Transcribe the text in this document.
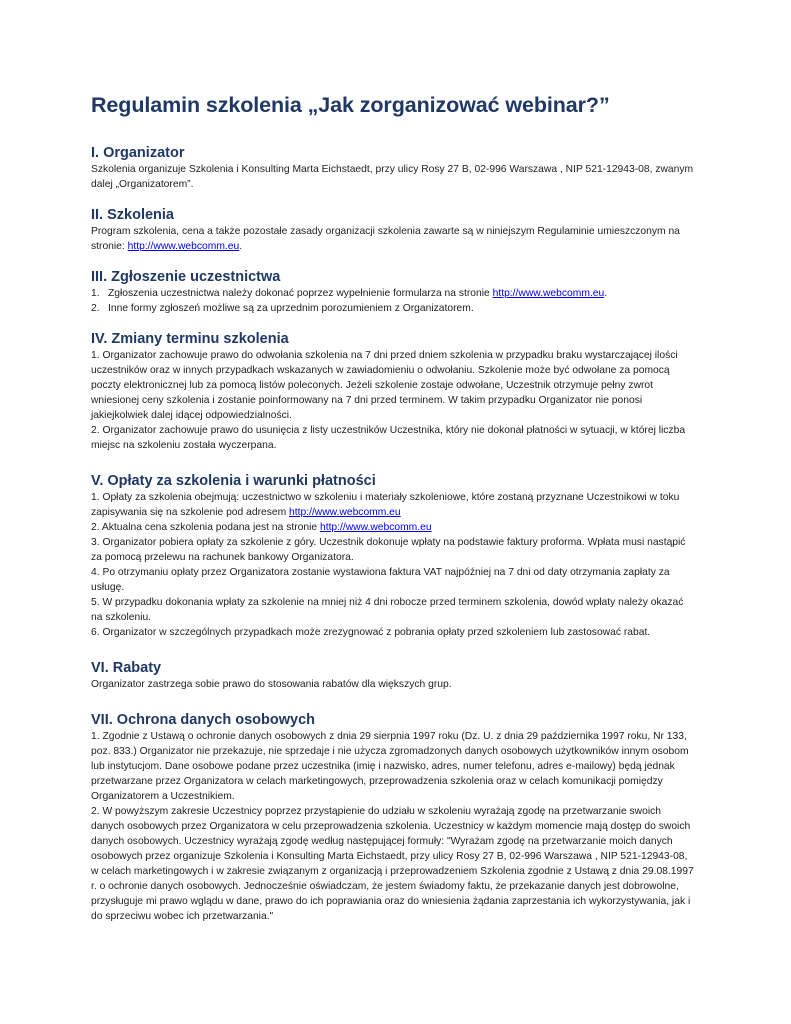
Regulamin szkolenia „Jak zorganizować webinar?”
I. Organizator

Szkolenia organizuje Szkolenia i Konsulting Marta Eichstaedt, przy ulicy Rosy 27 B, 02-996 Warszawa , NIP 521-12943-08, zwanym dalej „Organizatorem”.

II. Szkolenia

Program szkolenia, cena a także pozostałe zasady organizacji szkolenia zawarte są w niniejszym Regulaminie umieszczonym na stronie: http://www.webcomm.eu.

III. Zgłoszenie uczestnictwa

1. Zgłoszenia uczestnictwa należy dokonać poprzez wypełnienie formularza na stronie http://www.webcomm.eu.

2. Inne formy zgłoszeń możliwe są za uprzednim porozumieniem z Organizatorem.

IV. Zmiany terminu szkolenia

1. Organizator zachowuje prawo do odwołania szkolenia na 7 dni przed dniem szkolenia w przypadku braku wystarczającej ilości uczestników oraz w innych przypadkach wskazanych w zawiadomieniu o odwołaniu. Szkolenie może być odwołane za pomocą poczty elektronicznej lub za pomocą listów poleconych. Jeżeli szkolenie zostaje odwołane, Uczestnik otrzymuje pełny zwrot wniesionej ceny szkolenia i zostanie poinformowany na 7 dni przed terminem. W takim przypadku Organizator nie ponosi jakiejkolwiek dalej idącej odpowiedzialności.

2. Organizator zachowuje prawo do usunięcia z listy uczestników Uczestnika, który nie dokonał płatności w sytuacji, w której liczba miejsc na szkoleniu została wyczerpana.

V. Opłaty za szkolenia i warunki płatności

1. Opłaty za szkolenia obejmują: uczestnictwo w szkoleniu i materiały szkoleniowe, które zostaną przyznane Uczestnikowi w toku zapisywania się na szkolenie pod adresem http://www.webcomm.eu

2. Aktualna cena szkolenia podana jest na stronie http://www.webcomm.eu

3. Organizator pobiera opłaty za szkolenie z góry. Uczestnik dokonuje wpłaty na podstawie faktury proforma. Wpłata musi nastąpić za pomocą przelewu na rachunek bankowy Organizatora.

4. Po otrzymaniu opłaty przez Organizatora zostanie wystawiona faktura VAT najpóźniej na 7 dni od daty otrzymania zapłaty za usługę.

5. W przypadku dokonania wpłaty za szkolenie na mniej niż 4 dni robocze przed terminem szkolenia, dowód wpłaty należy okazać na szkoleniu.

6. Organizator w szczególnych przypadkach może zrezygnować z pobrania opłaty przed szkoleniem lub zastosować rabat.

VI. Rabaty

Organizator zastrzega sobie prawo do stosowania rabatów dla większych grup.

VII. Ochrona danych osobowych

1. Zgodnie z Ustawą o ochronie danych osobowych z dnia 29 sierpnia 1997 roku (Dz. U. z dnia 29 października 1997 roku, Nr 133, poz. 833.) Organizator nie przekazuje, nie sprzedaje i nie użycza zgromadzonych danych osobowych użytkowników innym osobom lub instytucjom. Dane osobowe podane przez uczestnika (imię i nazwisko, adres, numer telefonu, adres e-mailowy) będą jednak przetwarzane przez Organizatora w celach marketingowych, przeprowadzenia szkolenia oraz w celach komunikacji pomiędzy Organizatorem a Uczestnikiem.

2. W powyższym zakresie Uczestnicy poprzez przystąpienie do udziału w szkoleniu wyrażają zgodę na przetwarzanie swoich danych osobowych przez Organizatora w celu przeprowadzenia szkolenia. Uczestnicy w każdym momencie mają dostęp do swoich danych osobowych. Uczestnicy wyrażają zgodę według następującej formuły: "Wyrażam zgodę na przetwarzanie moich danych osobowych przez organizuje Szkolenia i Konsulting Marta Eichstaedt, przy ulicy Rosy 27 B, 02-996 Warszawa , NIP 521-12943-08, w celach marketingowych i w zakresie związanym z organizacją i przeprowadzeniem Szkolenia zgodnie z Ustawą z dnia 29.08.1997 r. o ochronie danych osobowych. Jednocześnie oświadczam, że jestem świadomy faktu, że przekazanie danych jest dobrowolne, przysługuje mi prawo wglądu w dane, prawo do ich poprawiania oraz do wniesienia żądania zaprzestania ich wykorzystywania, jak i do sprzeciwu wobec ich przetwarzania."
